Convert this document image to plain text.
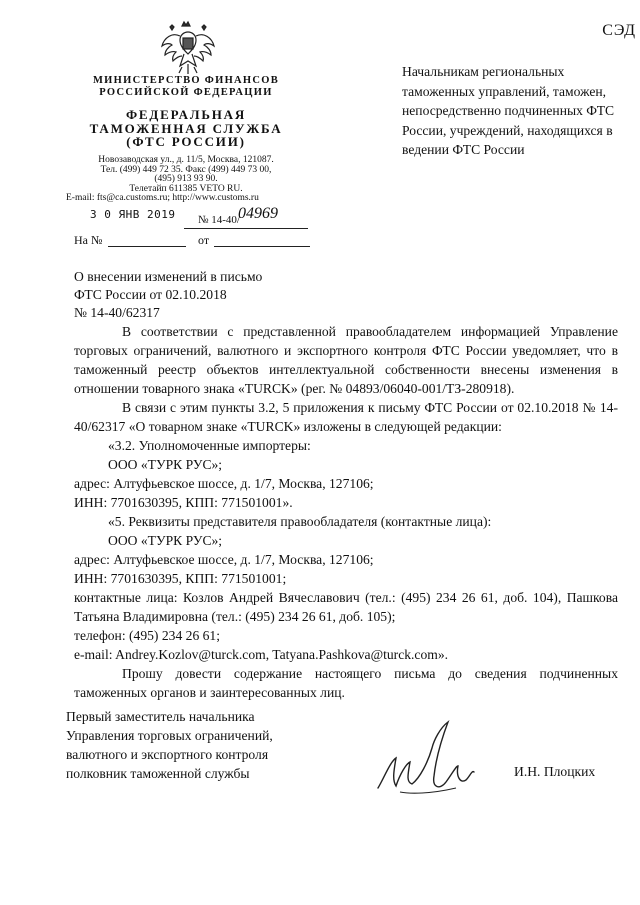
СЭД
МИНИСТЕРСТВО ФИНАНСОВ
РОССИЙСКОЙ ФЕДЕРАЦИИ
ФЕДЕРАЛЬНАЯ
ТАМОЖЕННАЯ СЛУЖБА
(ФТС РОССИИ)
Новозаводская ул., д. 11/5, Москва, 121087.
Тел. (499) 449 72 35. Факс (499) 449 73 00,
(495) 913 93 90.
Телетайп 611385 VETO RU.
E-mail: fts@ca.customs.ru; http://www.customs.ru
3 0 ЯНВ 2019 № 14-40/
04969
На №	от
Начальникам региональных таможенных управлений, таможен, непосредственно подчиненных ФТС России, учреждений, находящихся в ведении ФТС России
О внесении изменений в письмо
ФТС России от 02.10.2018
№ 14-40/62317

В соответствии с представленной правообладателем информацией Управление торговых ограничений, валютного и экспортного контроля ФТС России уведомляет, что в таможенный реестр объектов интеллектуальной собственности внесены изменения в отношении товарного знака «TURCK» (рег. № 04893/06040-001/ТЗ-280918).

В связи с этим пункты 3.2, 5 приложения к письму ФТС России от 02.10.2018 № 14-40/62317 «О товарном знаке «TURCK» изложены в следующей редакции:

«3.2. Уполномоченные импортеры:

ООО «ТУРК РУС»;

адрес: Алтуфьевское шоссе, д. 1/7, Москва, 127106;

ИНН: 7701630395, КПП: 771501001».

«5. Реквизиты представителя правообладателя (контактные лица):

ООО «ТУРК РУС»;

адрес: Алтуфьевское шоссе, д. 1/7, Москва, 127106;

ИНН: 7701630395, КПП: 771501001;

контактные лица: Козлов Андрей Вячеславович (тел.: (495) 234 26 61, доб. 104), Пашкова Татьяна Владимировна (тел.: (495) 234 26 61, доб. 105);

телефон: (495) 234 26 61;

e-mail: Andrey.Kozlov@turck.com, Tatyana.Pashkova@turck.com».

Прошу довести содержание настоящего письма до сведения подчиненных таможенных органов и заинтересованных лиц.

Первый заместитель начальника
Управления торговых ограничений,
валютного и экспортного контроля
полковник таможенной службы	И.Н. Плоцких
